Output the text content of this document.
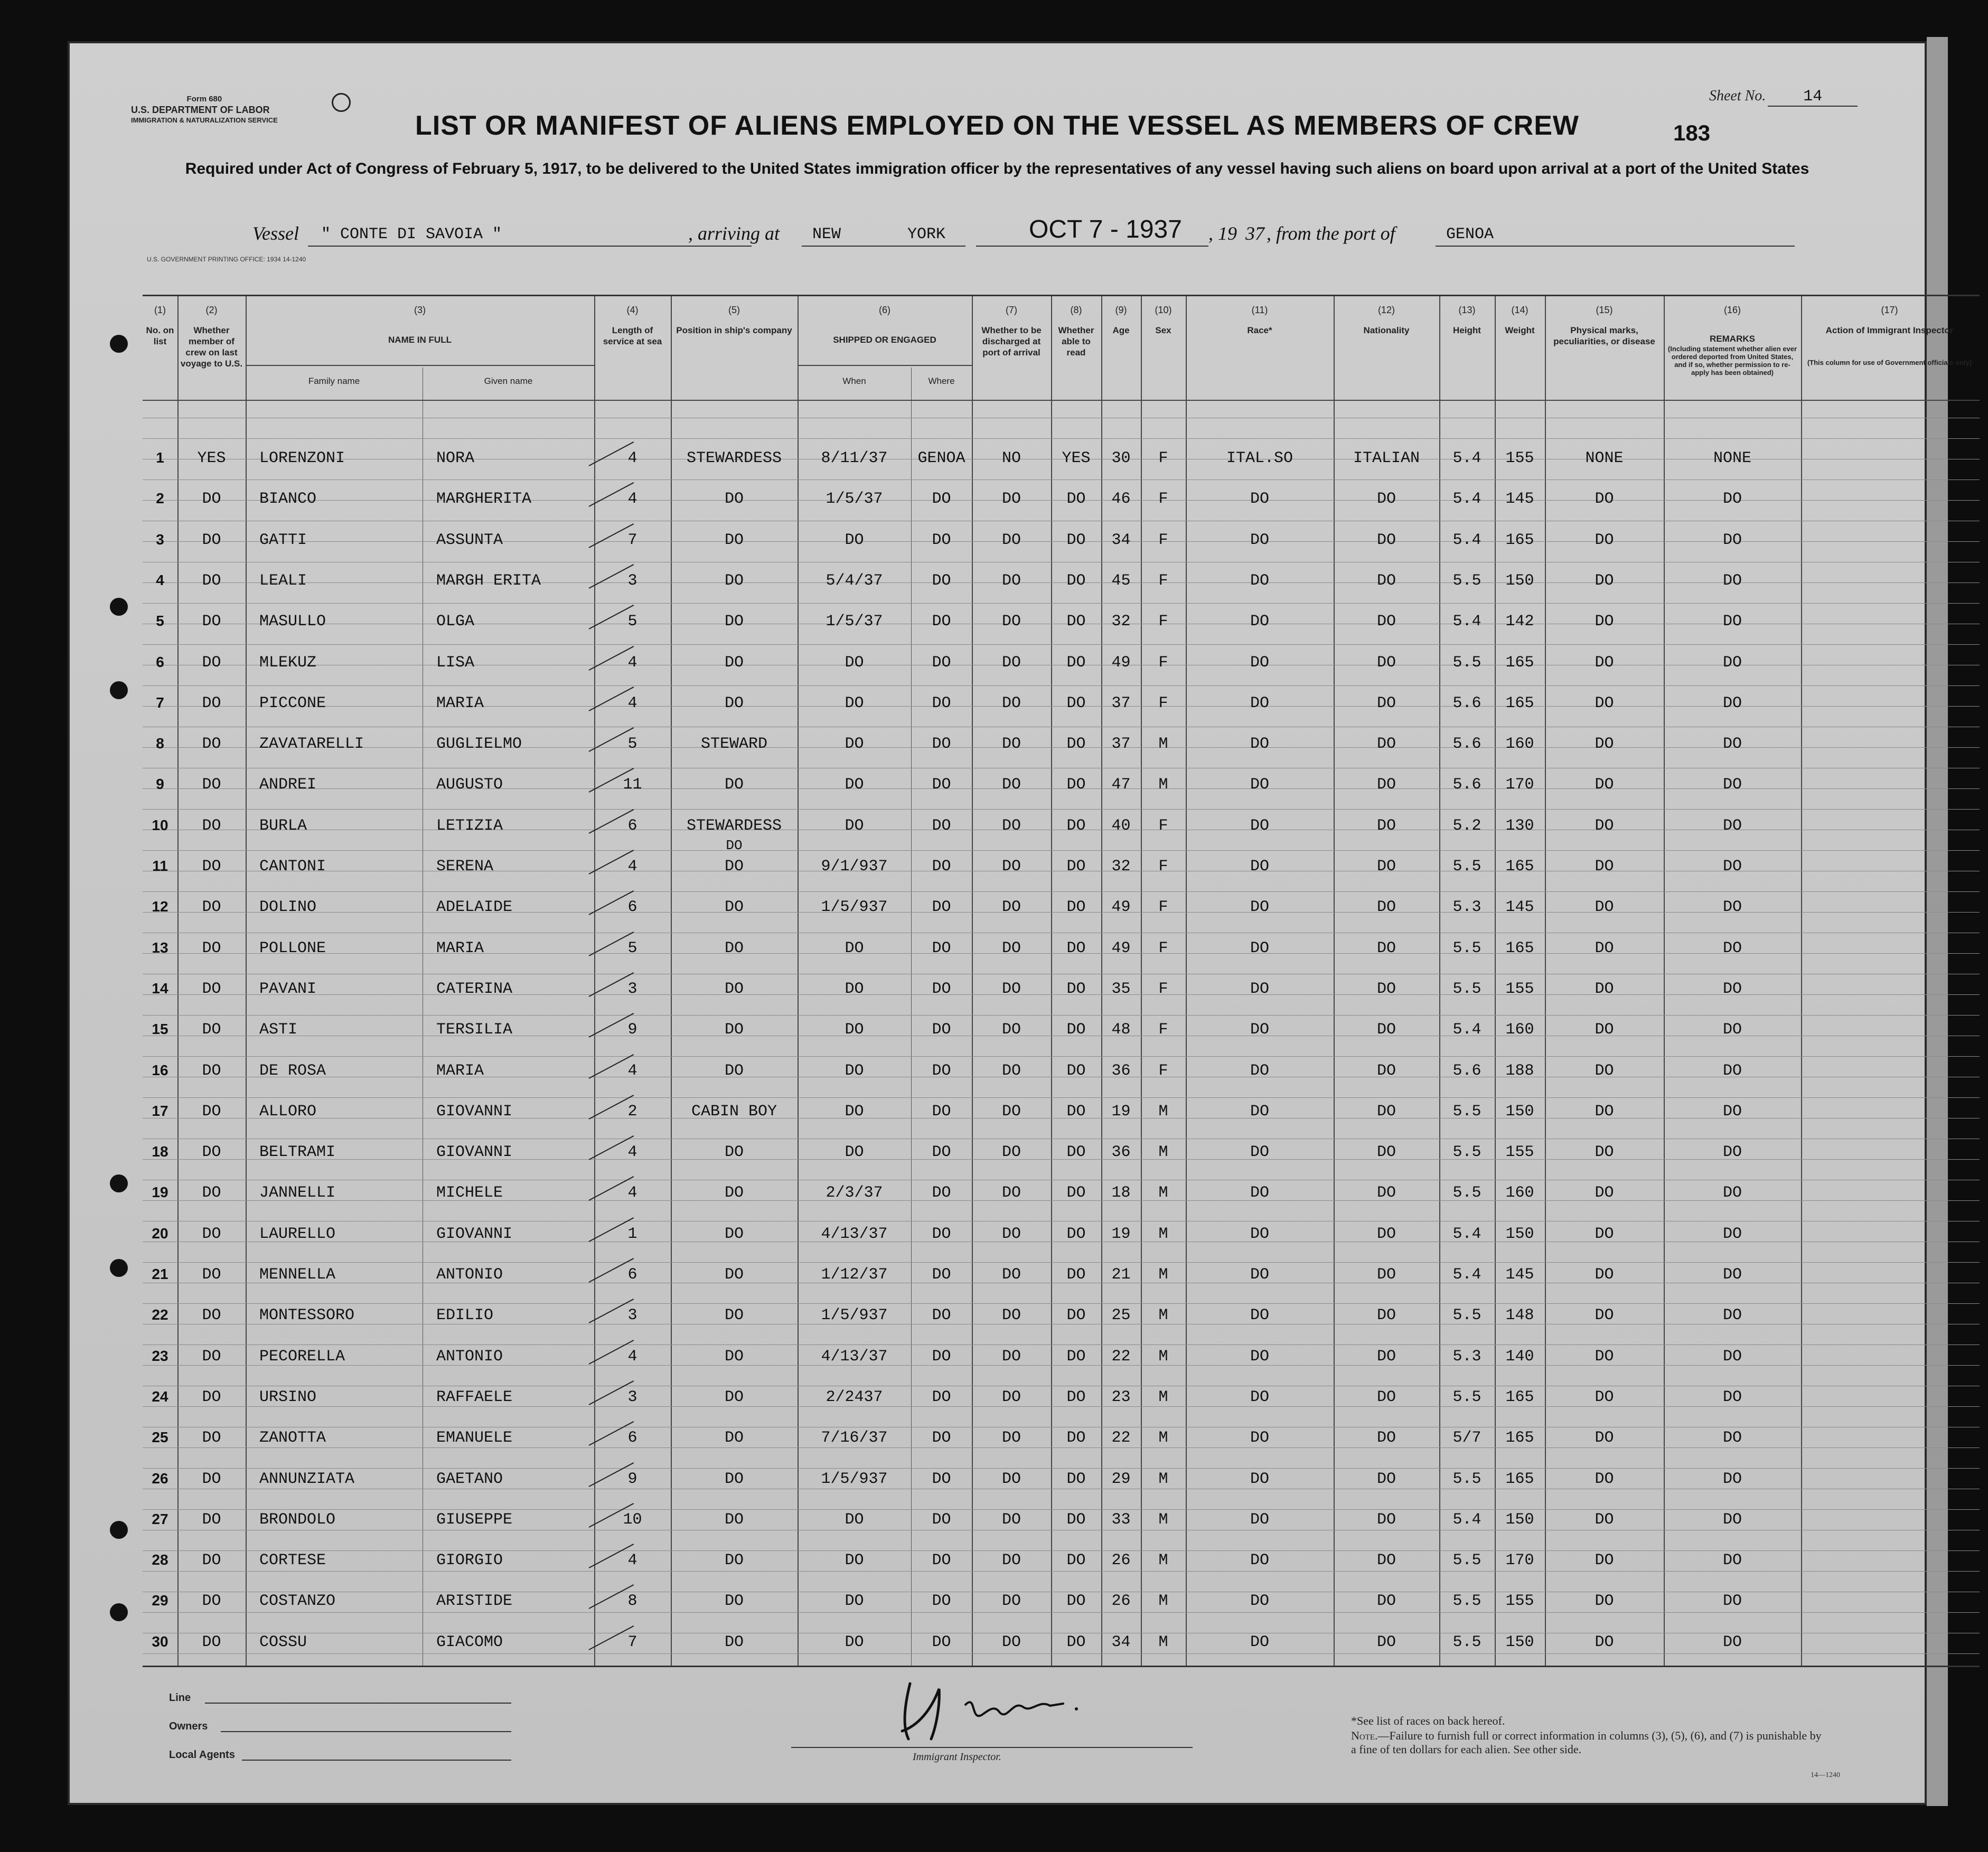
Form 680
U.S. DEPARTMENT OF LABOR
IMMIGRATION & NATURALIZATION SERVICE
Sheet No. 14
183
LIST OR MANIFEST OF ALIENS EMPLOYED ON THE VESSEL AS MEMBERS OF CREW
Required under Act of Congress of February 5, 1917, to be delivered to the United States immigration officer by the representatives of any vessel having such aliens on board upon arrival at a port of the United States
Vessel " CONTE DI SAVOIA "	, arriving at NEW	YORK	OCT 7 - 1937 , 19 37 , from the port of	GENOA
U.S. GOVERNMENT PRINTING OFFICE: 1934 14-1240
(1)
No. on list
(2)
Whether member of crew on last voyage to U.S.
(3)
NAME IN FULL
Family name	Given name
(4)
Length of service at sea
(5)
Position in ship's company
(6)
SHIPPED OR ENGAGED
When	Where
(7)
Whether to be discharged at port of arrival
(8)
Whether able to read
(9)
Age
(10)
Sex
(11)
Race*
(12)
Nationality
(13)
Height
(14)
Weight
(15)
Physical marks, peculiarities, or disease
(16)
REMARKS
(Including statement whether alien ever ordered deported from United States, and if so, whether permission to re-apply has been obtained)
(17)
Action of Immigrant Inspector
(This column for use of Government officials only)
1	YES	LORENZONI	NORA	4	STEWARDESS	8/11/37	GENOA	NO	YES	30	F	ITAL.SO	ITALIAN	5.4	155	NONE	NONE
2	DO	BIANCO	MARGHERITA	4	DO	1/5/37	DO	DO	DO	46	F	DO	DO	5.4	145	DO	DO
3	DO	GATTI	ASSUNTA	7	DO	DO	DO	DO	DO	34	F	DO	DO	5.4	165	DO	DO
4	DO	LEALI	MARGH ERITA	3	DO	5/4/37	DO	DO	DO	45	F	DO	DO	5.5	150	DO	DO
5	DO	MASULLO	OLGA	5	DO	1/5/37	DO	DO	DO	32	F	DO	DO	5.4	142	DO	DO
6	DO	MLEKUZ	LISA	4	DO	DO	DO	DO	DO	49	F	DO	DO	5.5	165	DO	DO
7	DO	PICCONE	MARIA	4	DO	DO	DO	DO	DO	37	F	DO	DO	5.6	165	DO	DO
8	DO	ZAVATARELLI	GUGLIELMO	5	STEWARD	DO	DO	DO	DO	37	M	DO	DO	5.6	160	DO	DO
9	DO	ANDREI	AUGUSTO	11	DO	DO	DO	DO	DO	47	M	DO	DO	5.6	170	DO	DO
10	DO	BURLA	LETIZIA	6	STEWARDESS	DO	DO	DO	DO	40	F	DO	DO	5.2	130	DO	DO
11	DO	CANTONI	SERENA	4	DO	9/1/937	DO	DO	DO	32	F	DO	DO	5.5	165	DO	DO
12	DO	DOLINO	ADELAIDE	6	DO	1/5/937	DO	DO	DO	49	F	DO	DO	5.3	145	DO	DO
13	DO	POLLONE	MARIA	5	DO	DO	DO	DO	DO	49	F	DO	DO	5.5	165	DO	DO
14	DO	PAVANI	CATERINA	3	DO	DO	DO	DO	DO	35	F	DO	DO	5.5	155	DO	DO
15	DO	ASTI	TERSILIA	9	DO	DO	DO	DO	DO	48	F	DO	DO	5.4	160	DO	DO
16	DO	DE ROSA	MARIA	4	DO	DO	DO	DO	DO	36	F	DO	DO	5.6	188	DO	DO
17	DO	ALLORO	GIOVANNI	2	CABIN BOY	DO	DO	DO	DO	19	M	DO	DO	5.5	150	DO	DO
18	DO	BELTRAMI	GIOVANNI	4	DO	DO	DO	DO	DO	36	M	DO	DO	5.5	155	DO	DO
19	DO	JANNELLI	MICHELE	4	DO	2/3/37	DO	DO	DO	18	M	DO	DO	5.5	160	DO	DO
20	DO	LAURELLO	GIOVANNI	1	DO	4/13/37	DO	DO	DO	19	M	DO	DO	5.4	150	DO	DO
21	DO	MENNELLA	ANTONIO	6	DO	1/12/37	DO	DO	DO	21	M	DO	DO	5.4	145	DO	DO
22	DO	MONTESSORO	EDILIO	3	DO	1/5/937	DO	DO	DO	25	M	DO	DO	5.5	148	DO	DO
23	DO	PECORELLA	ANTONIO	4	DO	4/13/37	DO	DO	DO	22	M	DO	DO	5.3	140	DO	DO
24	DO	URSINO	RAFFAELE	3	DO	2/2437	DO	DO	DO	23	M	DO	DO	5.5	165	DO	DO
25	DO	ZANOTTA	EMANUELE	6	DO	7/16/37	DO	DO	DO	22	M	DO	DO	5/7	165	DO	DO
26	DO	ANNUNZIATA	GAETANO	9	DO	1/5/937	DO	DO	DO	29	M	DO	DO	5.5	165	DO	DO
27	DO	BRONDOLO	GIUSEPPE	10	DO	DO	DO	DO	DO	33	M	DO	DO	5.4	150	DO	DO
28	DO	CORTESE	GIORGIO	4	DO	DO	DO	DO	DO	26	M	DO	DO	5.5	170	DO	DO
29	DO	COSTANZO	ARISTIDE	8	DO	DO	DO	DO	DO	26	M	DO	DO	5.5	155	DO	DO
30	DO	COSSU	GIACOMO	7	DO	DO	DO	DO	DO	34	M	DO	DO	5.5	150	DO	DO
DO
Line
Owners
Local Agents	Immigrant Inspector.
*See list of races on back hereof.
Note.—Failure to furnish full or correct information in columns (3), (5), (6), and (7) is punishable by a fine of ten dollars for each alien. See other side.
14—1240
